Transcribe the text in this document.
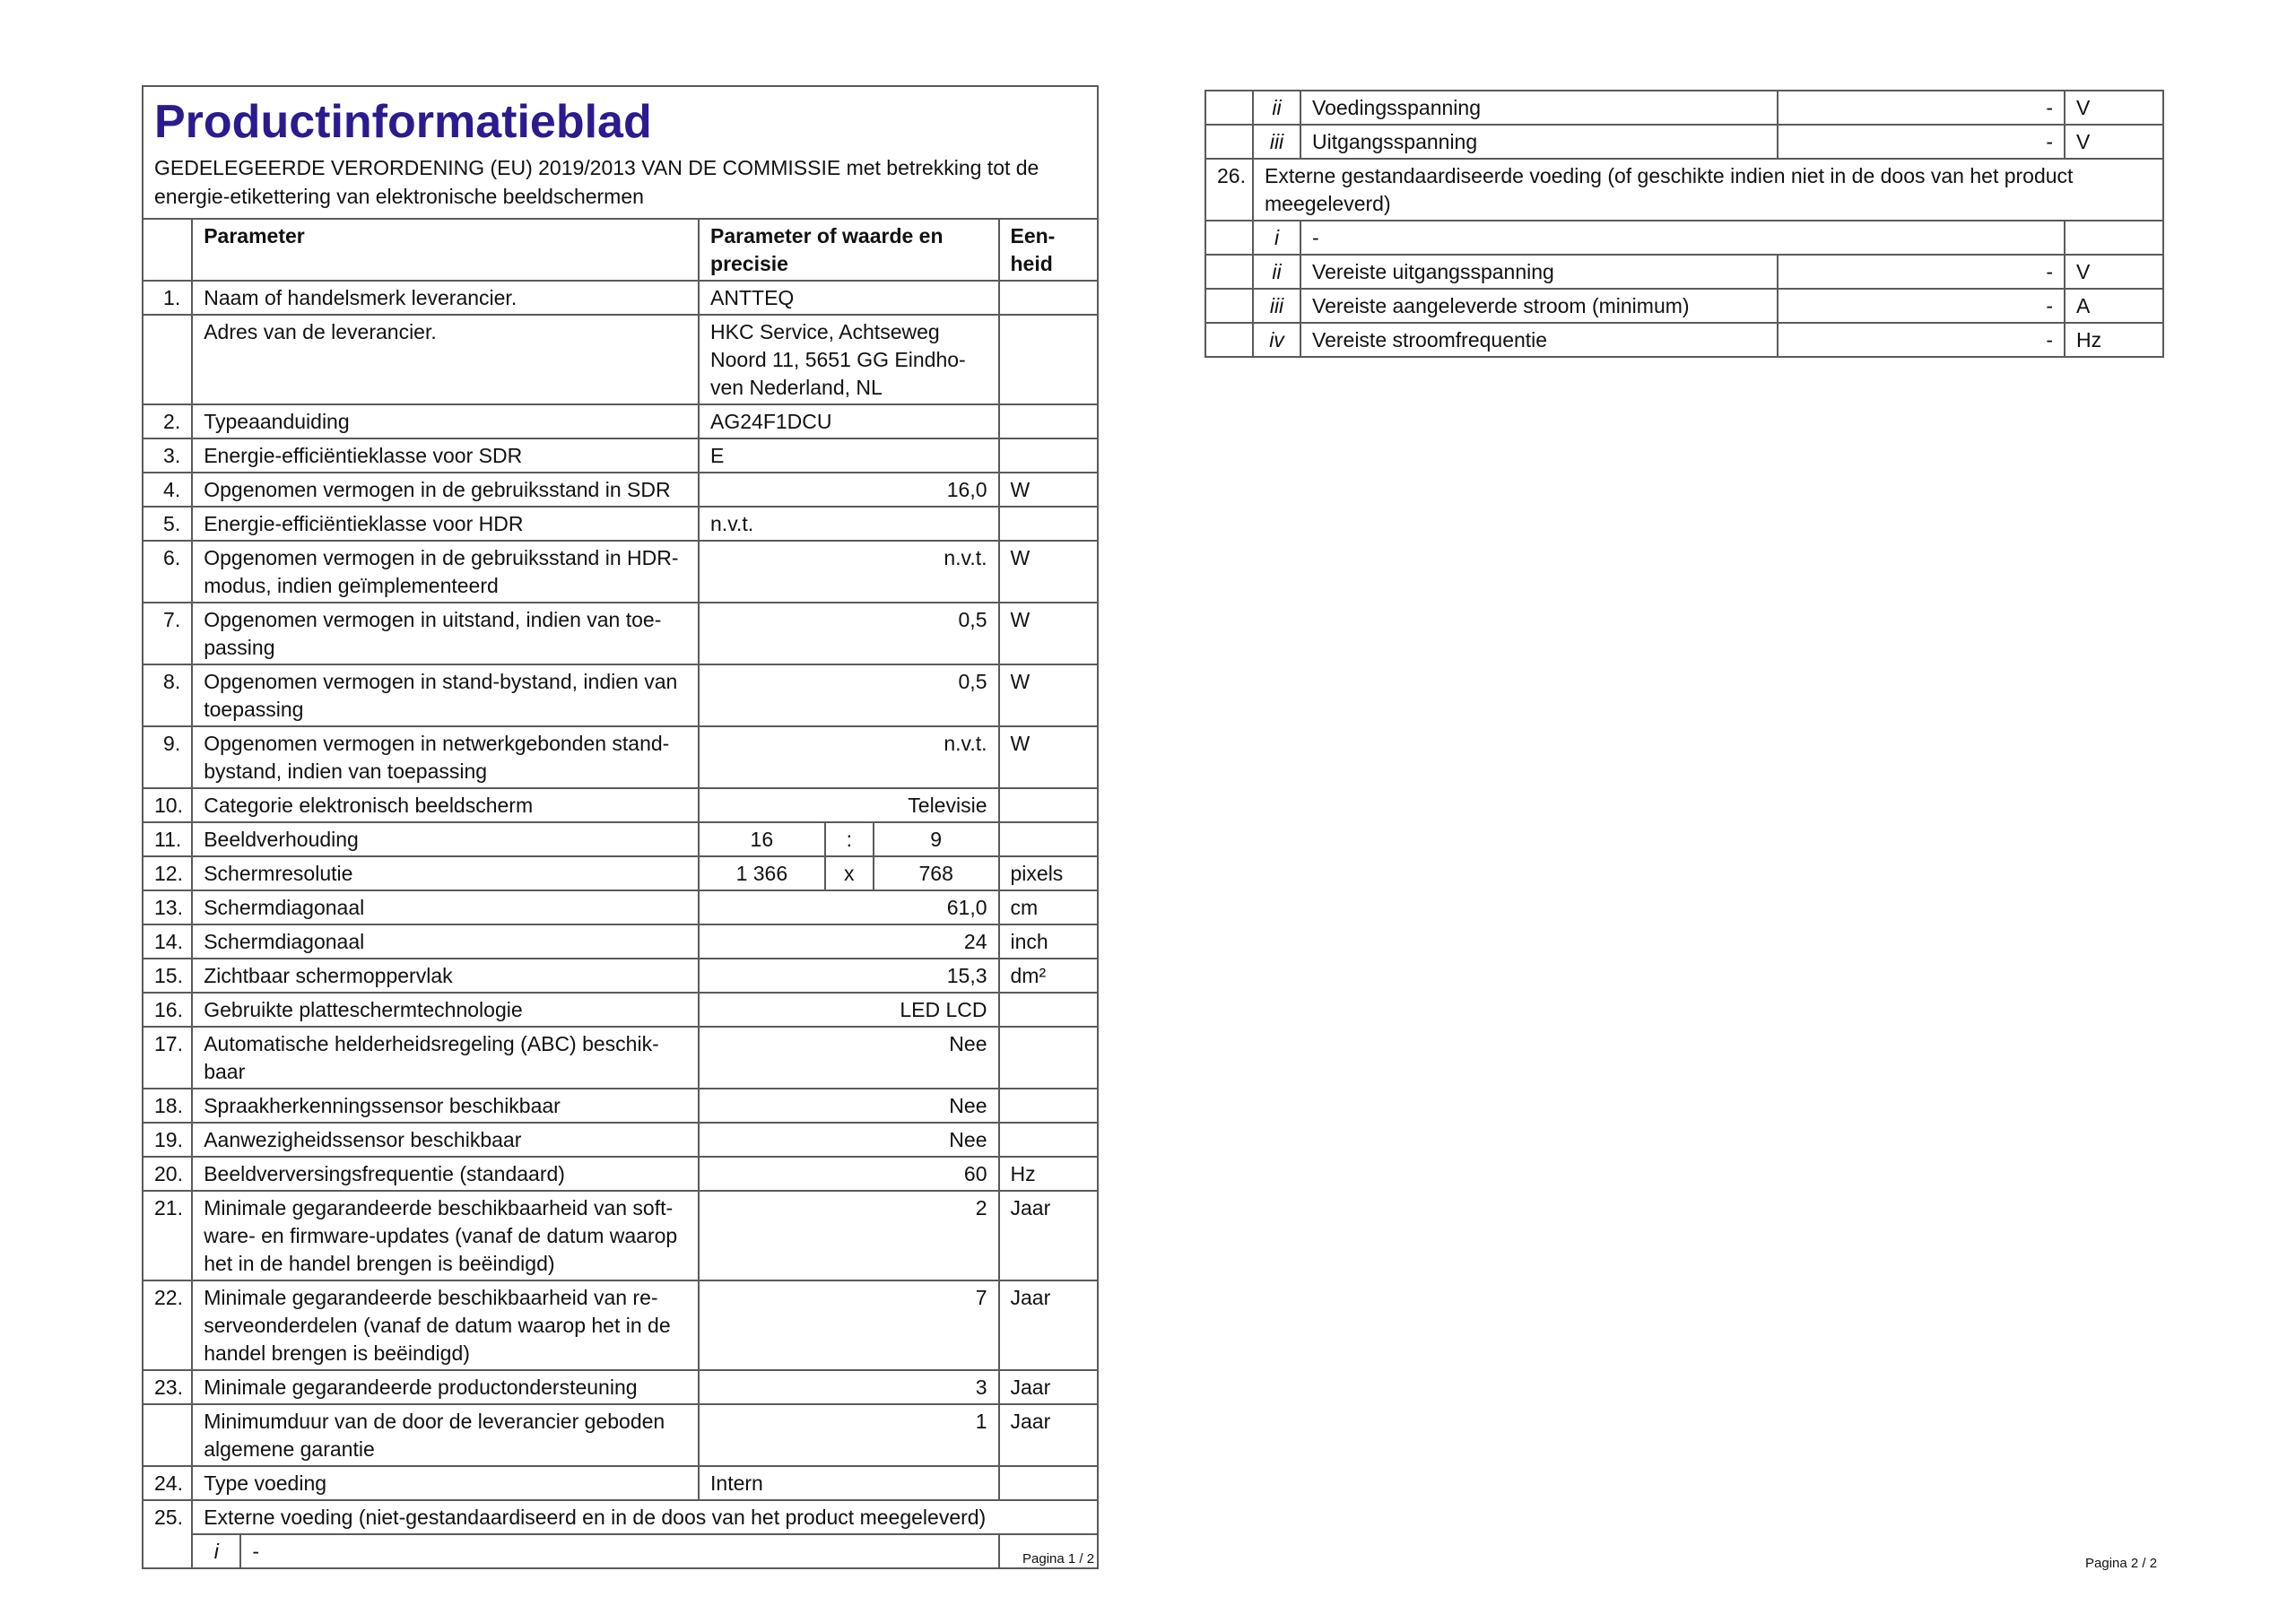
Productinformatieblad
GEDELEGEERDE VERORDENING (EU) 2019/2013 VAN DE COMMISSIE met betrekking tot de energie-etikettering van elektronische beeldschermen
	Parameter		Parameter of waarde en precisie			Een-heid
1.	Naam of handelsmerk leverancier.		ANTTEQ			
	Adres van de leverancier.		HKC Service, Achtseweg Noord 11, 5651 GG Eindho-ven Nederland, NL			
2.	Typeaanduiding		AG24F1DCU			
3.	Energie-efficiëntieklasse voor SDR		E			
4.	Opgenomen vermogen in de gebruiksstand in SDR		16,0			W
5.	Energie-efficiëntieklasse voor HDR		n.v.t.			
6.	Opgenomen vermogen in de gebruiksstand in HDR-modus, indien geïmplementeerd		n.v.t.			W
7.	Opgenomen vermogen in uitstand, indien van toe-passing		0,5			W
8.	Opgenomen vermogen in stand-bystand, indien van toepassing		0,5			W
9.	Opgenomen vermogen in netwerkgebonden stand-bystand, indien van toepassing		n.v.t.			W
10.	Categorie elektronisch beeldscherm		Televisie			
11.	Beeldverhouding		16	:	9	
12.	Schermresolutie		1 366	x	768	pixels
13.	Schermdiagonaal		61,0			cm
14.	Schermdiagonaal		24			inch
15.	Zichtbaar schermoppervlak		15,3			dm²
16.	Gebruikte platteschermtechnologie		LED LCD			
17.	Automatische helderheidsregeling (ABC) beschik-baar		Nee			
18.	Spraakherkenningssensor beschikbaar		Nee			
19.	Aanwezigheidssensor beschikbaar		Nee			
20.	Beeldverversingsfrequentie (standaard)		60			Hz
21.	Minimale gegarandeerde beschikbaarheid van soft-ware- en firmware-updates (vanaf de datum waarop het in de handel brengen is beëindigd)		2			Jaar
22.	Minimale gegarandeerde beschikbaarheid van re-serveonderdelen (vanaf de datum waarop het in de handel brengen is beëindigd)		7			Jaar
23.	Minimale gegarandeerde productondersteuning		3			Jaar
	Minimumduur van de door de leverancier geboden algemene garantie		1			Jaar
24.	Type voeding		Intern			
25.	Externe voeding (niet-gestandaardiseerd en in de doos van het product meegeleverd)					
	i	-					Pagina 1 / 2
	ii	Voedingsspanning	-	V
	iii	Uitgangsspanning	-	V
26.	Externe gestandaardiseerde voeding (of geschikte indien niet in de doos van het product meegeleverd)			
	i	-		
	ii	Vereiste uitgangsspanning	-	V
	iii	Vereiste aangeleverde stroom (minimum)	-	A
	iv	Vereiste stroomfrequentie	-	Hz
Pagina 2 / 2
